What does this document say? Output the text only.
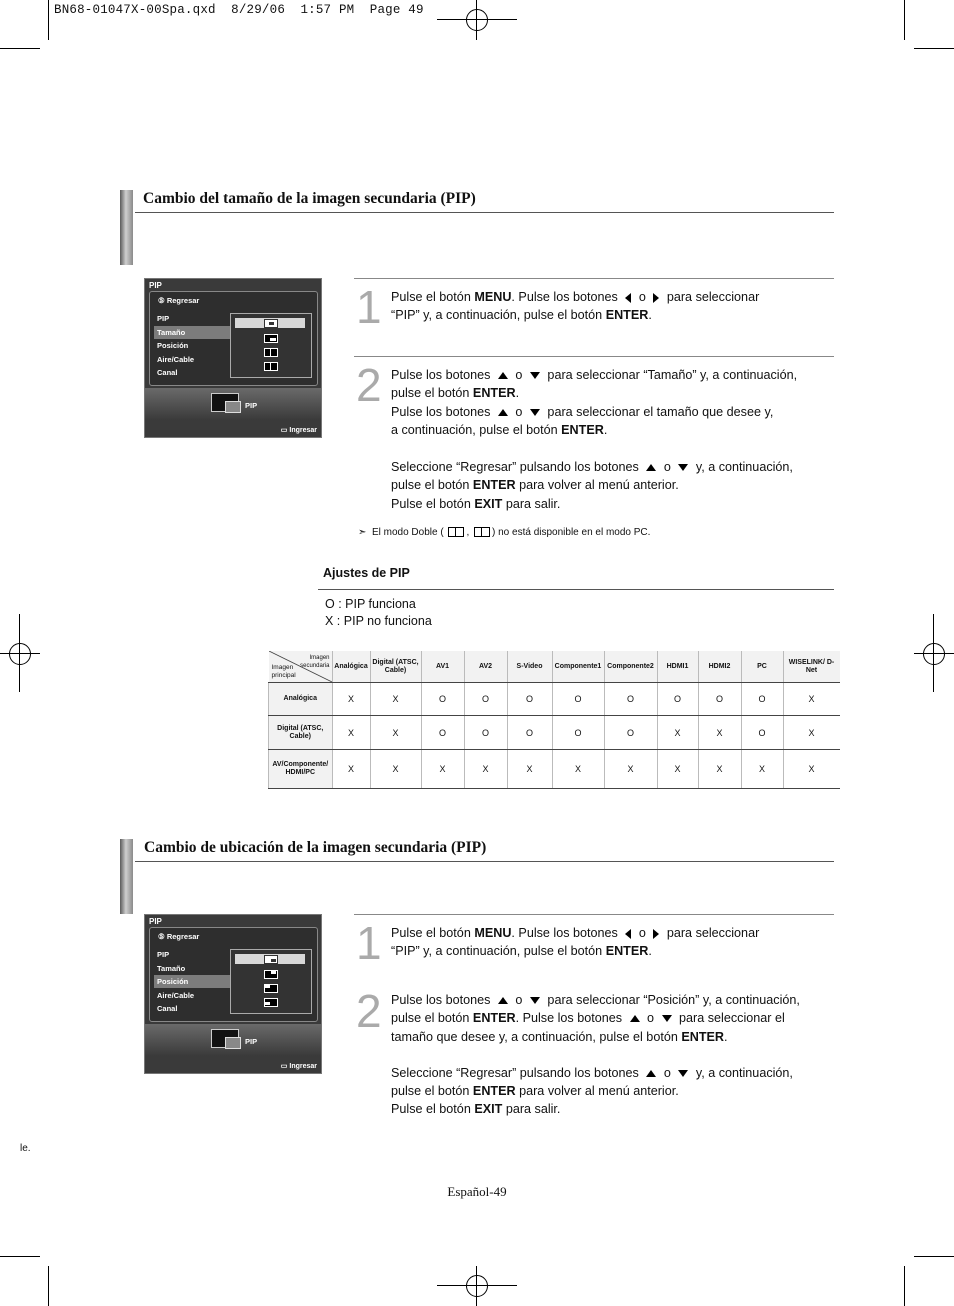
BN68-01047X-00Spa.qxd  8/29/06  1:57 PM  Page 49
Cambio del tamaño de la imagen secundaria (PIP)
PIP
⑤ Regresar
PIP
Tamaño
Posición
Aire/Cable
Canal
PIP
▭ Ingresar
1 Pulse el botón MENU. Pulse los botones  o  para seleccionar
“PIP” y, a continuación, pulse el botón ENTER.
2 Pulse los botones  o  para seleccionar “Tamaño” y, a continuación,
pulse el botón ENTER.
Pulse los botones  o  para seleccionar el tamaño que desee y,
a continuación, pulse el botón ENTER.

Seleccione “Regresar” pulsando los botones  o  y, a continuación,
pulse el botón ENTER para volver al menú anterior.
Pulse el botón EXIT para salir.
➣ El modo Doble ( , ) no está disponible en el modo PC.
Ajustes de PIP
O : PIP funciona
X : PIP no funciona
Imagen secundaria
Imagen principal	Analógica	Digital (ATSC, Cable)	AV1	AV2	S-Video	Componente1	Componente2	HDMI1	HDMI2	PC	WISELINK/ D-Net
Analógica	X	X	O	O	O	O	O	O	O	O	X
Digital (ATSC, Cable)	X	X	O	O	O	O	O	X	X	O	X
AV/Componente/ HDMI/PC	X	X	X	X	X	X	X	X	X	X	X
Cambio de ubicación de la imagen secundaria (PIP)
PIP
⑤ Regresar
PIP
Tamaño
Posición
Aire/Cable
Canal
PIP
▭ Ingresar
1 Pulse el botón MENU. Pulse los botones  o  para seleccionar
“PIP” y, a continuación, pulse el botón ENTER.
2 Pulse los botones  o  para seleccionar “Posición” y, a continuación,
pulse el botón ENTER. Pulse los botones  o  para seleccionar el
tamaño que desee y, a continuación, pulse el botón ENTER.

Seleccione “Regresar” pulsando los botones  o  y, a continuación,
pulse el botón ENTER para volver al menú anterior.
Pulse el botón EXIT para salir.
le.
Español-49
